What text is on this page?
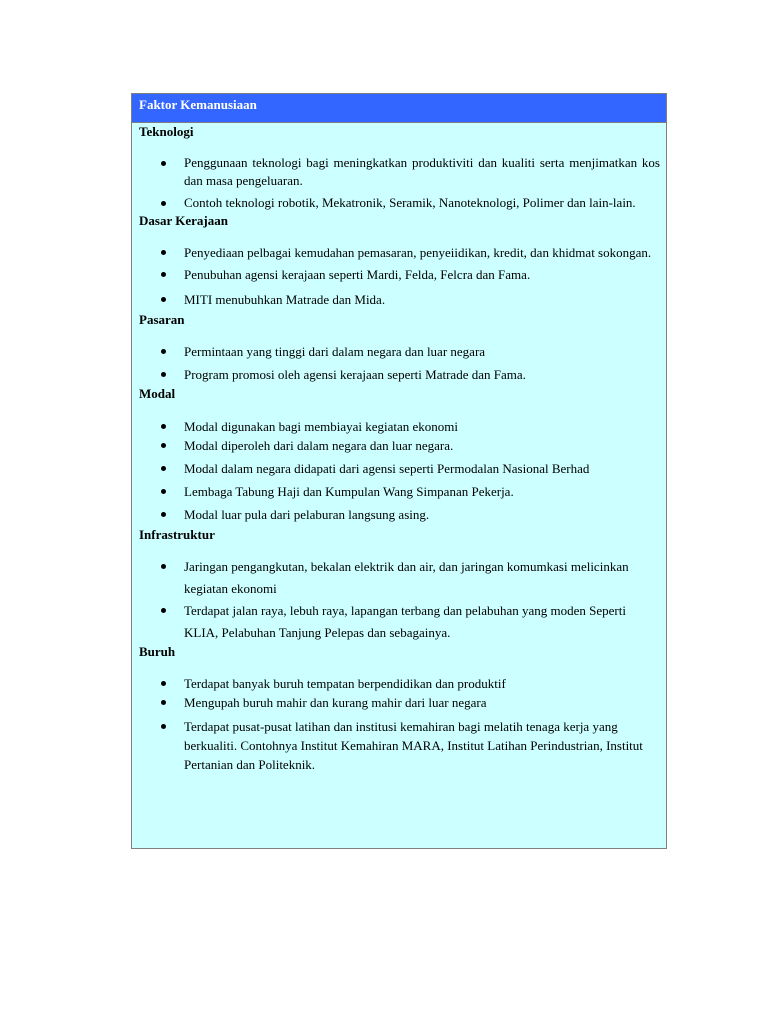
Faktor Kemanusiaan
Teknologi
Penggunaan teknologi bagi meningkatkan produktiviti dan kualiti serta menjimatkan kos dan masa pengeluaran.
Contoh teknologi robotik, Mekatronik, Seramik, Nanoteknologi, Polimer dan lain-lain.
Dasar Kerajaan
Penyediaan pelbagai kemudahan pemasaran, penyeiidikan, kredit, dan khidmat sokongan.
Penubuhan agensi kerajaan seperti Mardi, Felda, Felcra dan Fama.
MITI menubuhkan Matrade dan Mida.
Pasaran
Permintaan yang tinggi dari dalam negara dan luar negara
Program promosi oleh agensi kerajaan seperti Matrade dan Fama.
Modal
Modal digunakan bagi membiayai kegiatan ekonomi
Modal diperoleh dari dalam negara dan luar negara.
Modal dalam negara didapati dari agensi seperti Permodalan Nasional Berhad
Lembaga Tabung Haji dan Kumpulan Wang Simpanan Pekerja.
Modal luar pula dari pelaburan langsung asing.
Infrastruktur
Jaringan pengangkutan, bekalan elektrik dan air, dan jaringan komumkasi melicinkan kegiatan ekonomi
Terdapat jalan raya, lebuh raya, lapangan terbang dan pelabuhan yang moden Seperti KLIA, Pelabuhan Tanjung Pelepas dan sebagainya.
Buruh
Terdapat banyak buruh tempatan berpendidikan dan produktif
Mengupah buruh mahir dan kurang mahir dari luar negara
Terdapat pusat-pusat latihan dan institusi kemahiran bagi melatih tenaga kerja yang berkualiti. Contohnya Institut Kemahiran MARA, Institut Latihan Perindustrian, Institut Pertanian dan Politeknik.
